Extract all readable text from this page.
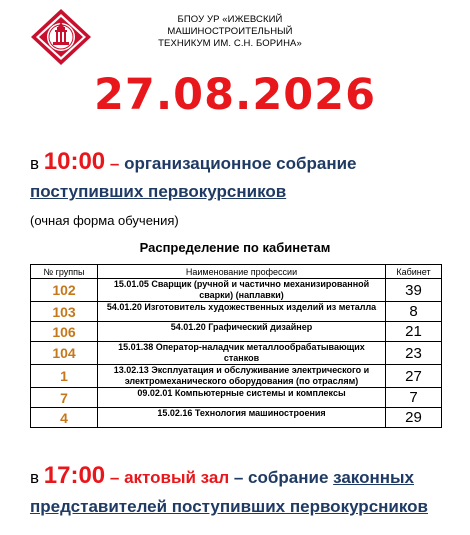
БПОУ УР «ИЖЕВСКИЙ
МАШИНОСТРОИТЕЛЬНЫЙ
ТЕХНИКУМ ИМ. С.Н. БОРИНА»
27.08.2026
в 10:00 – организационное собрание
поступивших первокурсников
(очная форма обучения)
Распределение по кабинетам
№ группы	Наименование профессии	Кабинет
102	15.01.05 Сварщик (ручной и частично механизированной сварки) (наплавки)	39
103	54.01.20 Изготовитель художественных изделий из металла	8
106	54.01.20 Графический дизайнер	21
104	15.01.38 Оператор-наладчик металлообрабатывающих станков	23
1	13.02.13 Эксплуатация и обслуживание электрического и электромеханического оборудования (по отраслям)	27
7	09.02.01 Компьютерные системы и комплексы	7
4	15.02.16 Технология машиностроения	29
в 17:00 – актовый зал – собрание законных
представителей поступивших первокурсников
